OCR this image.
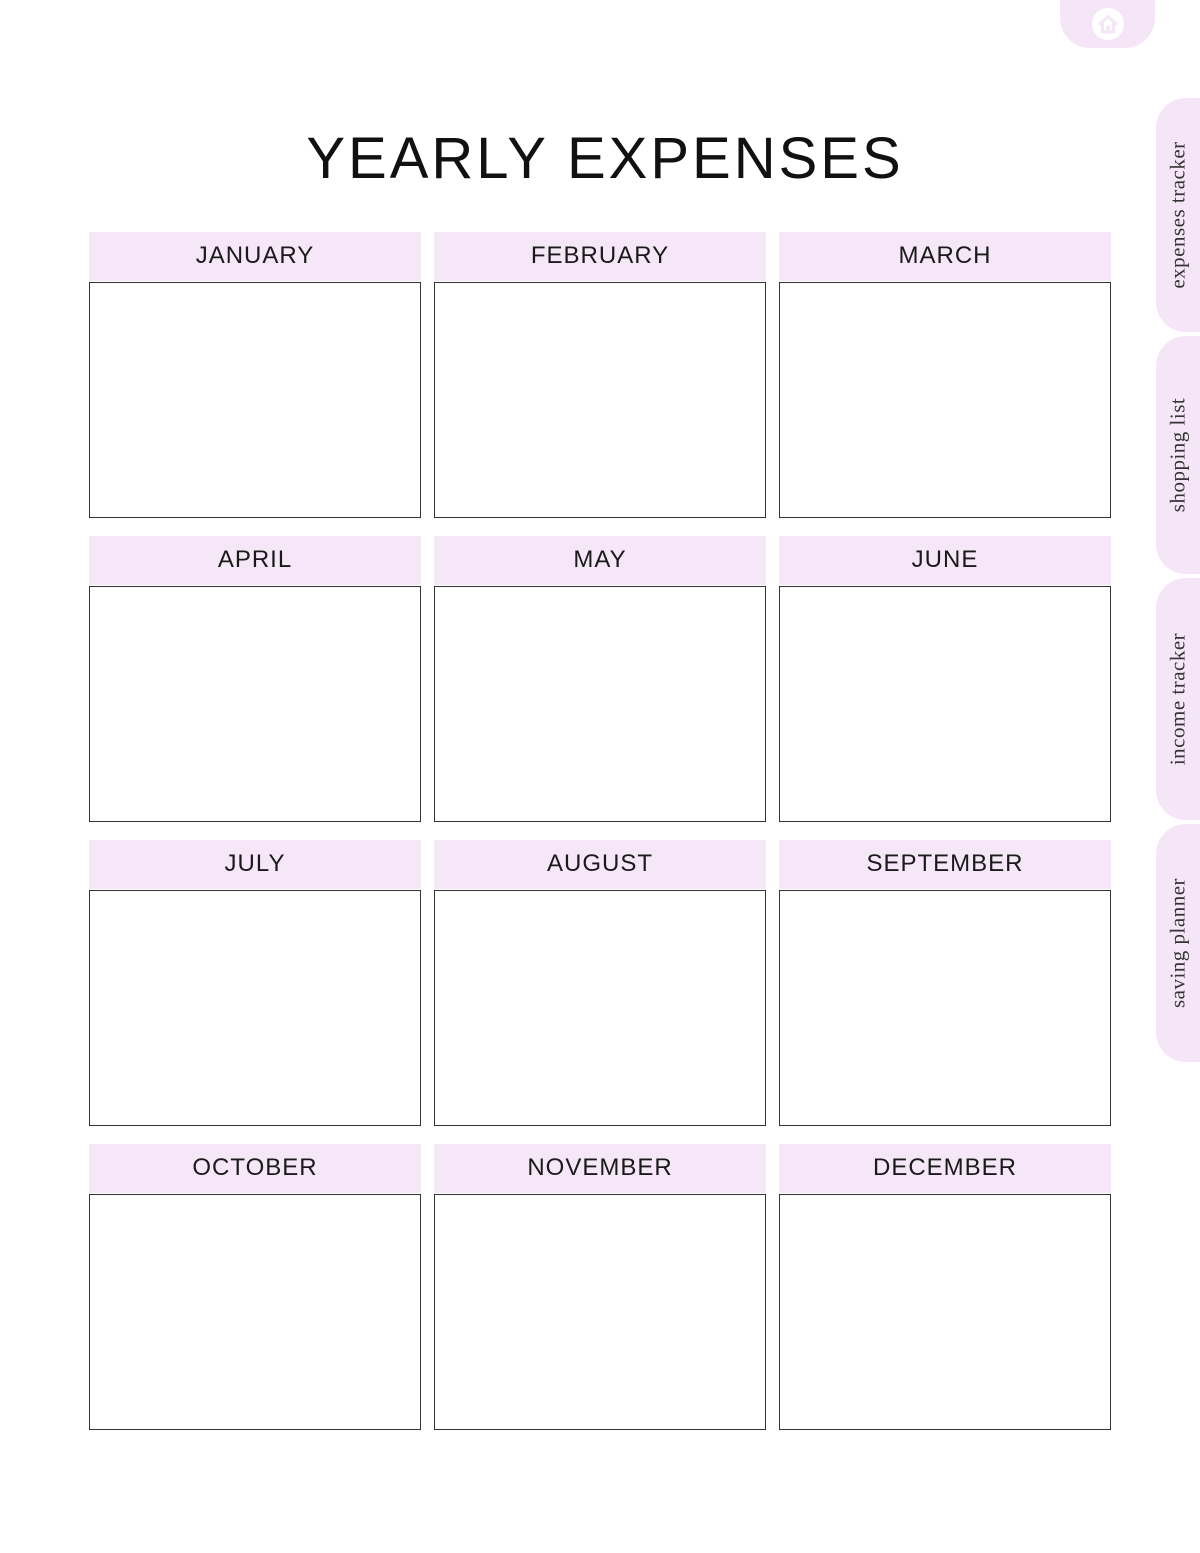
expenses tracker
shopping list
income tracker
saving planner
YEARLY EXPENSES
JANUARY	FEBRUARY	MARCH
APRIL	MAY	JUNE
JULY	AUGUST	SEPTEMBER
OCTOBER	NOVEMBER	DECEMBER
